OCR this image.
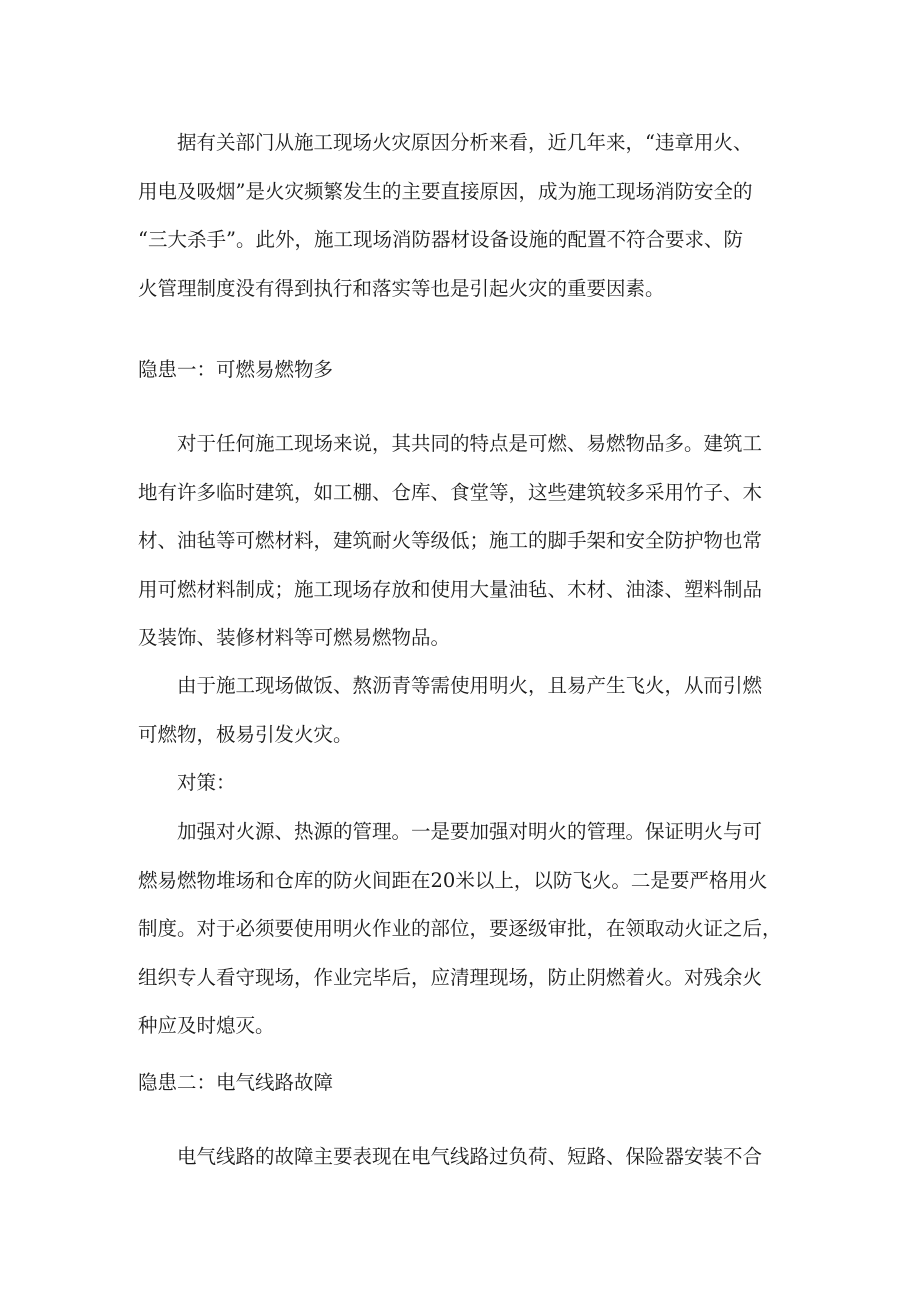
据有关部门从施工现场火灾原因分析来看，近几年来，“违章用火、
用电及吸烟”是火灾频繁发生的主要直接原因，成为施工现场消防安全的
“三大杀手”。此外，施工现场消防器材设备设施的配置不符合要求、防
火管理制度没有得到执行和落实等也是引起火灾的重要因素。
隐患一：可燃易燃物多
对于任何施工现场来说，其共同的特点是可燃、易燃物品多。建筑工
地有许多临时建筑，如工棚、仓库、食堂等，这些建筑较多采用竹子、木
材、油毡等可燃材料，建筑耐火等级低；施工的脚手架和安全防护物也常
用可燃材料制成；施工现场存放和使用大量油毡、木材、油漆、塑料制品
及装饰、装修材料等可燃易燃物品。
由于施工现场做饭、熬沥青等需使用明火，且易产生飞火，从而引燃
可燃物，极易引发火灾。
对策：
加强对火源、热源的管理。一是要加强对明火的管理。保证明火与可
燃易燃物堆场和仓库的防火间距在20米以上，以防飞火。二是要严格用火
制度。对于必须要使用明火作业的部位，要逐级审批，在领取动火证之后，
组织专人看守现场，作业完毕后，应清理现场，防止阴燃着火。对残余火
种应及时熄灭。
隐患二：电气线路故障
电气线路的故障主要表现在电气线路过负荷、短路、保险器安装不合
